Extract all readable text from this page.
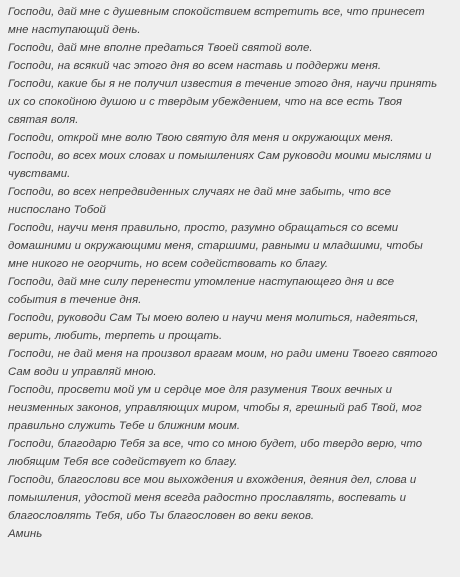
Господи, дай мне с душевным спокойствием встретить все, что принесет
мне наступающий день.
Господи, дай мне вполне предаться Твоей святой воле.
Господи, на всякий час этого дня во всем наставь и поддержи меня.
Господи, какие бы я не получил известия в течение этого дня, научи принять
их со спокойною душою и с твердым убеждением, что на все есть Твоя
святая воля.
Господи, открой мне волю Твою святую для меня и окружающих меня.
Господи, во всех моих словах и помышлениях Сам руководи моими мыслями и
чувствами.
Господи, во всех непредвиденных случаях не дай мне забыть, что все
ниспослано Тобой
Господи, научи меня правильно, просто, разумно обращаться со всеми
домашними и окружающими меня, старшими, равными и младшими, чтобы
мне никого не огорчить, но всем содействовать ко благу.
Господи, дай мне силу перенести утомление наступающего дня и все
события в течение дня.
Господи, руководи Сам Ты моею волею и научи меня молиться, надеяться,
верить, любить, терпеть и прощать.
Господи, не дай меня на произвол врагам моим, но ради имени Твоего святого
Сам води и управляй мною.
Господи, просвети мой ум и сердце мое для разумения Твоих вечных и
неизменных законов, управляющих миром, чтобы я, грешный раб Твой, мог
правильно служить Тебе и ближним моим.
Господи, благодарю Тебя за все, что со мною будет, ибо твердо верю, что
любящим Тебя все содействует ко благу.
Господи, благослови все мои выхождения и вхождения, деяния дел, слова и
помышления, удостой меня всегда радостно прославлять, воспевать и
благословлять Тебя, ибо Ты благословен во веки веков.
Аминь
